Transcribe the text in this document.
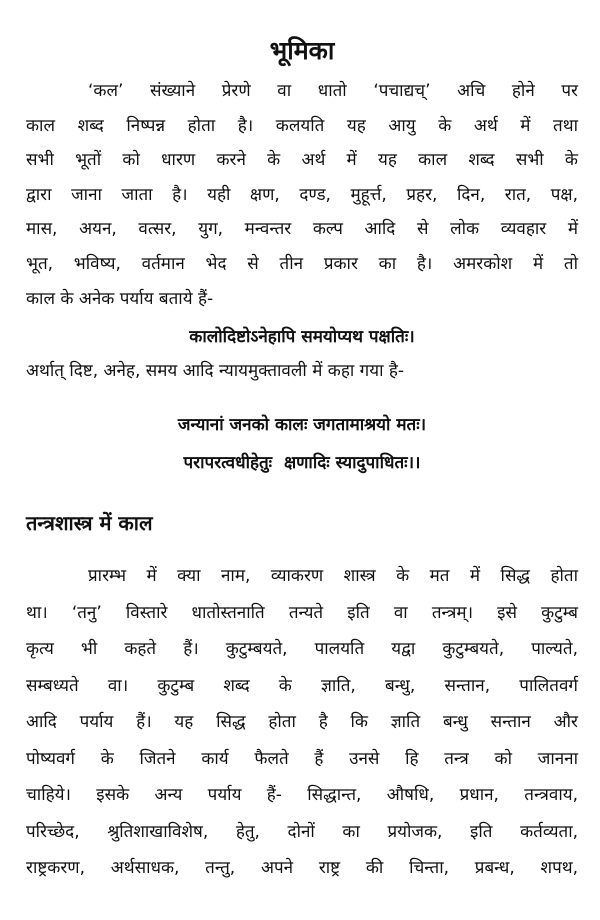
भूमिका
‘कल’ संख्याने प्रेरणे वा धातो ‘पचाद्यच्’ अचि होने पर
काल शब्द निष्पन्न होता है। कलयति यह आयु के अर्थ में तथा
सभी भूतों को धारण करने के अर्थ में यह काल शब्द सभी के
द्वारा जाना जाता है। यही क्षण, दण्ड, मुहूर्त्त, प्रहर, दिन, रात, पक्ष,
मास, अयन, वत्सर, युग, मन्वन्तर कल्प आदि से लोक व्यवहार में
भूत, भविष्य, वर्तमान भेद से तीन प्रकार का है। अमरकोश में तो
काल के अनेक पर्याय बताये हैं-

कालोदिष्टोऽनेहापि समयोप्यथ पक्षतिः।

अर्थात् दिष्ट, अनेह, समय आदि न्यायमुक्तावली में कहा गया है-

जन्यानां जनको कालः जगतामाश्रयो मतः।

परापरत्वधीहेतुः  क्षणादिः स्यादुपाधितः।।

तन्त्रशास्त्र में काल
प्रारम्भ में क्या नाम, व्याकरण शास्त्र के मत में सिद्ध होता
था। ‘तनु’ विस्तारे धातोस्तनाति तन्यते इति वा तन्त्रम्। इसे कुटुम्ब
कृत्य भी कहते हैं। कुटुम्बयते, पालयति यद्वा कुटुम्बयते, पाल्यते,
सम्बध्यते वा। कुटुम्ब शब्द के ज्ञाति, बन्धु, सन्तान, पालितवर्ग
आदि पर्याय हैं। यह सिद्ध होता है कि ज्ञाति बन्धु सन्तान और
पोष्यवर्ग के जितने कार्य फैलते हैं उनसे हि तन्त्र को जानना
चाहिये। इसके अन्य पर्याय हैं- सिद्धान्त, औषधि, प्रधान, तन्त्रवाय,
परिच्छेद, श्रुतिशाखाविशेष, हेतु, दोनों का प्रयोजक, इति कर्तव्यता,
राष्ट्रकरण, अर्थसाधक, तन्तु, अपने राष्ट्र की चिन्ता, प्रबन्ध, शपथ,
